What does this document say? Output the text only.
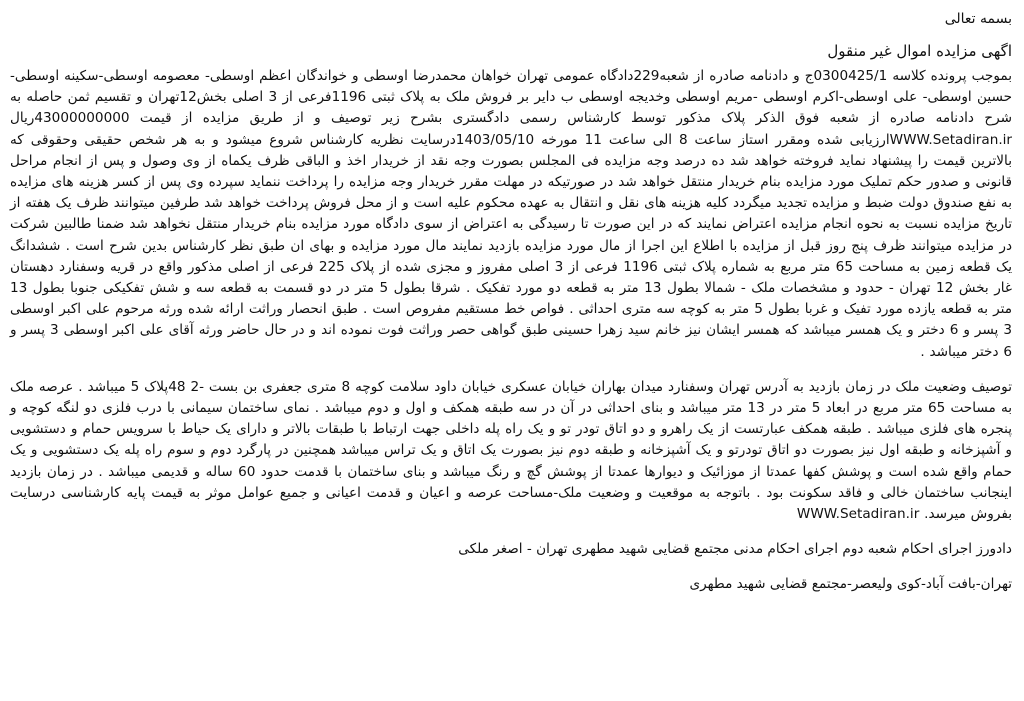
بسمه تعالی
اگهی مزایده اموال غیر منقول

بموجب پرونده کلاسه 0300425/1ج و دادنامه صادره از شعبه229دادگاه عمومی تهران خواهان محمدرضا اوسطی و خواندگان اعظم اوسطی- معصومه اوسطی-سکینه اوسطی-حسین اوسطی- علی اوسطی-اکرم اوسطی -مریم اوسطی وخدیجه اوسطی ب دایر بر فروش ملک به پلاک ثبتی 1196فرعی از 3 اصلی بخش12تهران و تقسیم ثمن حاصله به شرح دادنامه صادره از شعبه فوق الذکر پلاک مذکور توسط کارشناس رسمی دادگستری بشرح زیر توصیف و از طریق مزایده از قیمت 43000000000ریال WWW.Setadiran.irارزیابی شده ومقرر استاز ساعت 8 الی ساعت 11 مورخه 1403/05/10درسایت نظریه کارشناس شروع میشود و به هر شخص حقیقی وحقوقی که بالاترین قیمت را پیشنهاد نماید فروخته خواهد شد ده درصد وجه مزایده فی المجلس بصورت وجه نقد از خریدار اخذ و الباقی ظرف یکماه از وی وصول و پس از انجام مراحل قانونی و صدور حکم تملیک مورد مزایده بنام خریدار منتقل خواهد شد در صورتیکه در مهلت مقرر خریدار وجه مزایده را پرداخت ننماید سپرده وی پس از کسر هزینه های مزایده به نفع صندوق دولت ضبط و مزایده تجدید میگردد کلیه هزینه های نقل و انتقال به عهده محکوم علیه است و از محل فروش پرداخت خواهد شد طرفین میتوانند ظرف یک هفته از تاریخ مزایده نسبت به نحوه انجام مزایده اعتراض نمایند که در این صورت تا رسیدگی به اعتراض از سوی دادگاه مورد مزایده بنام خریدار منتقل نخواهد شد ضمنا طالبین شرکت در مزایده میتوانند ظرف پنج روز قبل از مزایده با اطلاع این اجرا از مال مورد مزایده بازدید نمایند مال مورد مزایده و بهای ان طبق نظر کارشناس بدین شرح است . ششدانگ یک قطعه زمین به مساحت 65 متر مربع به شماره پلاک ثبتی 1196 فرعی از 3 اصلی مفروز و مجزی شده از پلاک 225 فرعی از اصلی مذکور واقع در قریه وسفنارد دهستان غار بخش 12 تهران - حدود و مشخصات ملک - شمالا بطول 13 متر به قطعه دو مورد تفکیک . شرقا بطول 5 متر در دو قسمت به قطعه سه و شش تفکیکی جنوبا بطول 13 متر به قطعه یازده مورد تفیک و غربا بطول 5 متر به کوچه سه متری احداثی . فواص خط مستقیم مفروص است . طبق انحصار وراثت ارائه شده ورثه مرحوم علی اکبر اوسطی 3 پسر و 6 دختر و یک همسر میباشد که همسر ایشان نیز خانم سید زهرا حسینی طبق گواهی حصر وراثت فوت نموده اند و در حال حاضر ورثه آقای علی اکبر اوسطی 3 پسر و 6 دختر میباشد .

توصیف وضعیت ملک در زمان بازدید به آدرس تهران وسفنارد میدان بهاران خیابان عسکری خیابان داود سلامت کوچه 8 متری جعفری بن بست -2 48پلاک 5 میباشد . عرصه ملک به مساحت 65 متر مربع در ابعاد 5 متر در 13 متر میباشد و بنای احداثی در آن در سه طبقه همکف و اول و دوم میباشد . نمای ساختمان سیمانی با درب فلزی دو لنگه کوچه و پنجره های فلزی میباشد . طبقه همکف عبارتست از یک راهرو و دو اتاق تودر تو و یک راه پله داخلی جهت ارتباط با طبقات بالاتر و دارای یک حیاط با سرویس حمام و دستشویی و آشپزخانه و طبقه اول نیز بصورت دو اتاق تودرتو و یک آشپزخانه و طبقه دوم نیز بصورت یک اتاق و یک تراس میباشد همچنین در پارگرد دوم و سوم راه پله یک دستشویی و یک حمام واقع شده است و پوشش کفها عمدتا از موزائیک و دیوارها عمدتا از پوشش گچ و رنگ میباشد و بنای ساختمان با قدمت حدود 60 ساله و قدیمی میباشد . در زمان بازدید اینجانب ساختمان خالی و فاقد سکونت بود . باتوجه به موقعیت و وضعیت ملک-مساحت عرصه و اعیان و قدمت اعیانی و جمیع عوامل موثر به قیمت پایه کارشناسی درسایت بفروش میرسد. WWW.Setadiran.ir

دادورز اجرای احکام شعبه دوم اجرای احکام مدنی مجتمع قضایی شهید مطهری تهران - اصغر ملکی
تهران-بافت آباد-کوی ولیعصر-مجتمع قضایی شهید مطهری
